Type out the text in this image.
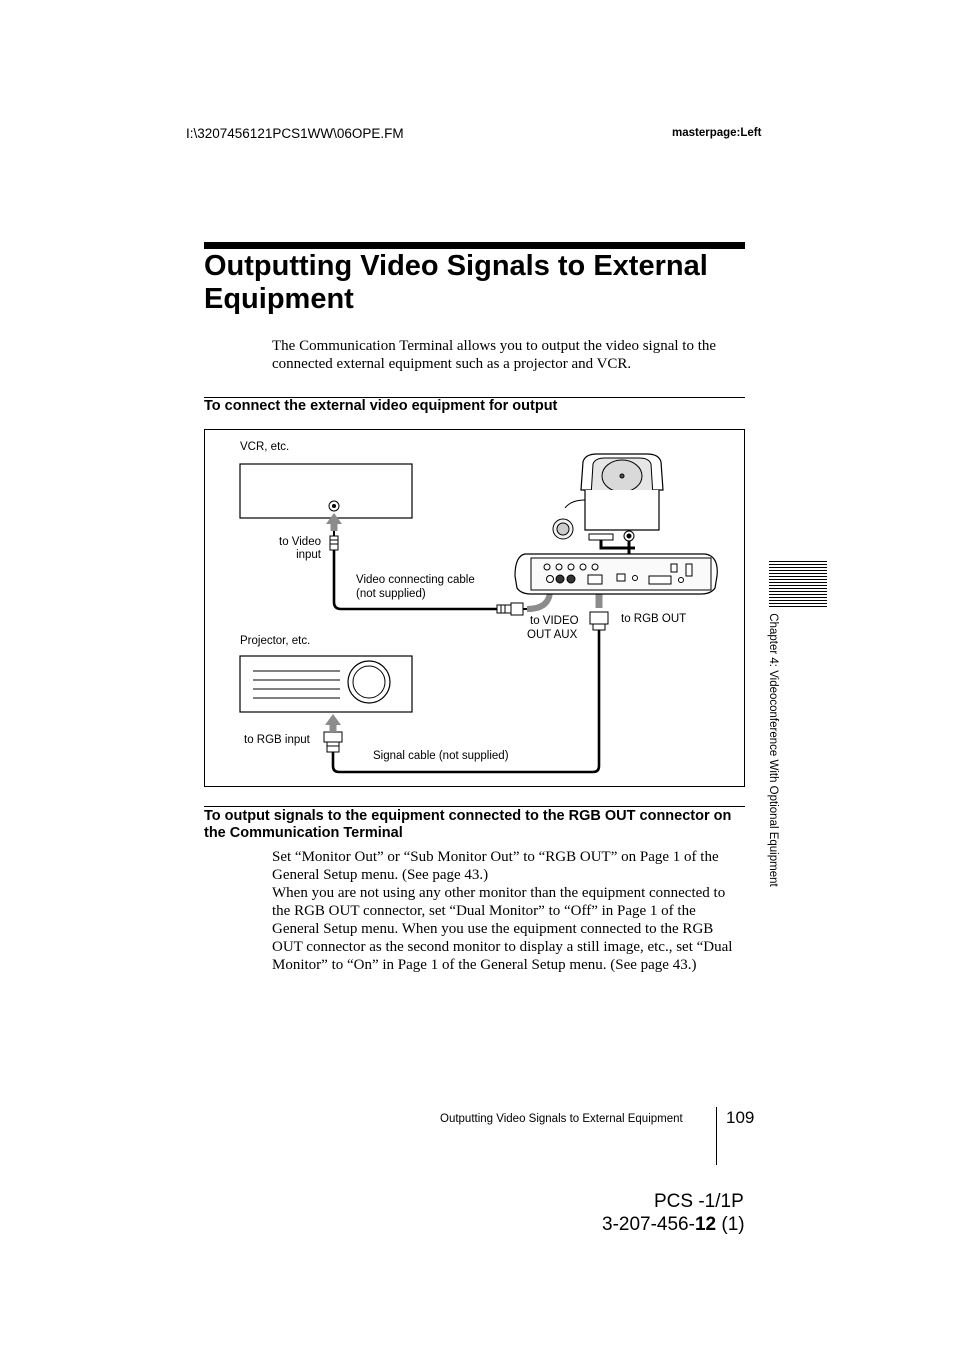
I:\3207456121PCS1WW\06OPE.FM	masterpage:Left
Outputting Video Signals to External Equipment

The Communication Terminal allows you to output the video signal to the connected external equipment such as a projector and VCR.

To connect the external video equipment for output
VCR, etc.
to Video
input
Video connecting cable
(not supplied)
to VIDEO
OUT AUX
to RGB OUT
Projector, etc.
to RGB input
Signal cable (not supplied)
To output signals to the equipment connected to the RGB OUT connector on the Communication Terminal

Set “Monitor Out” or “Sub Monitor Out” to “RGB OUT” on Page 1 of the General Setup menu. (See page 43.)

When you are not using any other monitor than the equipment connected to the RGB OUT connector, set “Dual Monitor” to “Off” in Page 1 of the General Setup menu. When you use the equipment connected to the RGB OUT connector as the second monitor to display a still image, etc., set “Dual Monitor” to “On” in Page 1 of the General Setup menu. (See page 43.)

Chapter 4: Videoconference With Optional Equipment
Outputting Video Signals to External Equipment	109
PCS -1/1P
3-207-456-12 (1)
